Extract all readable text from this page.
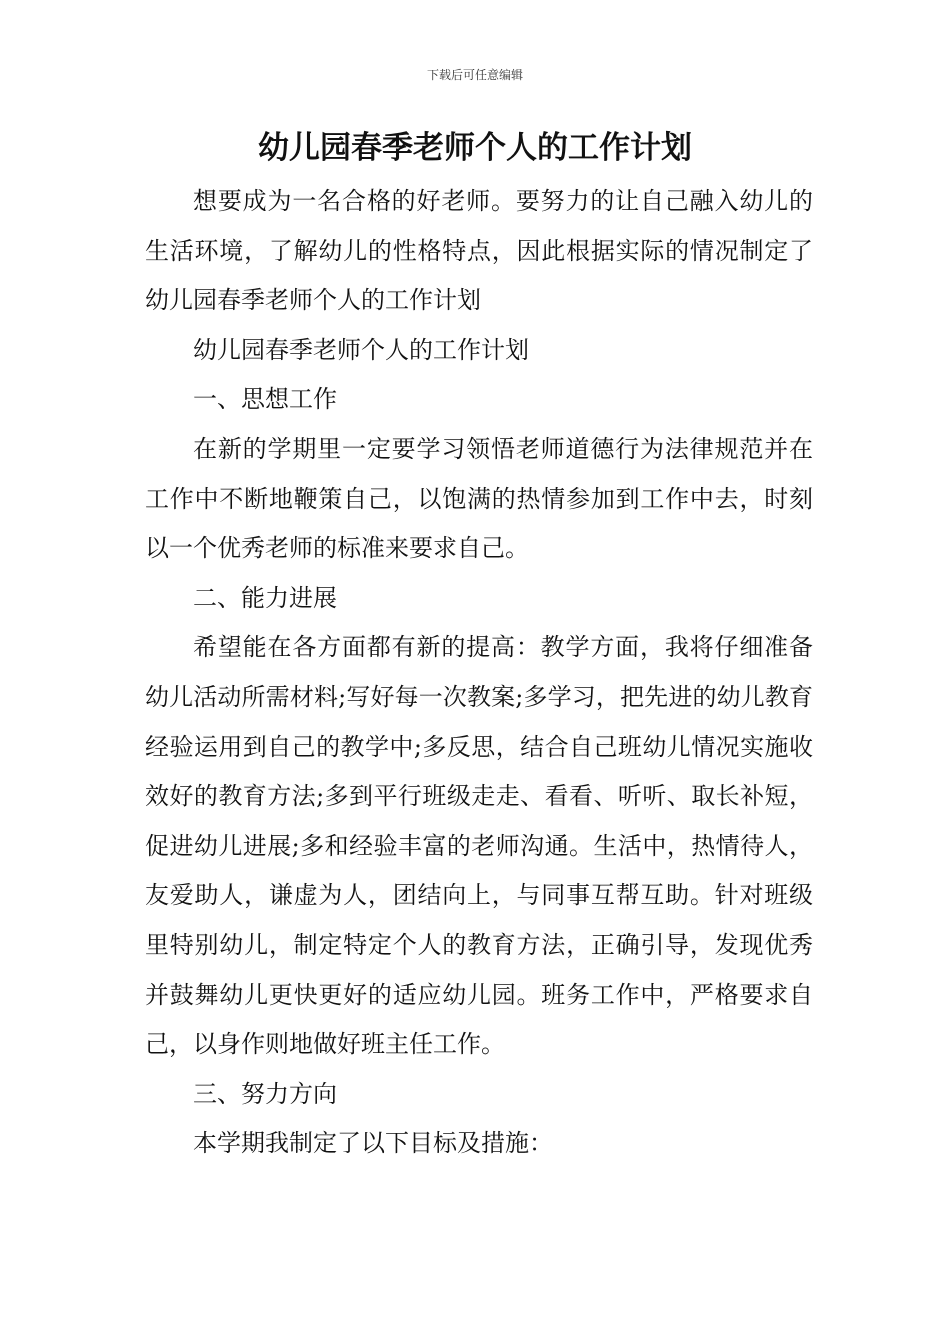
下载后可任意编辑
幼儿园春季老师个人的工作计划

想要成为一名合格的好老师。要努力的让自己融入幼儿的生活环境，了解幼儿的性格特点，因此根据实际的情况制定了幼儿园春季老师个人的工作计划

幼儿园春季老师个人的工作计划

一、思想工作

在新的学期里一定要学习领悟老师道德行为法律规范并在工作中不断地鞭策自己，以饱满的热情参加到工作中去，时刻以一个优秀老师的标准来要求自己。

二、能力进展

希望能在各方面都有新的提高：教学方面，我将仔细准备幼儿活动所需材料;写好每一次教案;多学习，把先进的幼儿教育经验运用到自己的教学中;多反思，结合自己班幼儿情况实施收效好的教育方法;多到平行班级走走、看看、听听、取长补短，促进幼儿进展;多和经验丰富的老师沟通。生活中，热情待人，友爱助人，谦虚为人，团结向上，与同事互帮互助。针对班级里特别幼儿，制定特定个人的教育方法，正确引导，发现优秀并鼓舞幼儿更快更好的适应幼儿园。班务工作中，严格要求自己，以身作则地做好班主任工作。

三、努力方向

本学期我制定了以下目标及措施：
